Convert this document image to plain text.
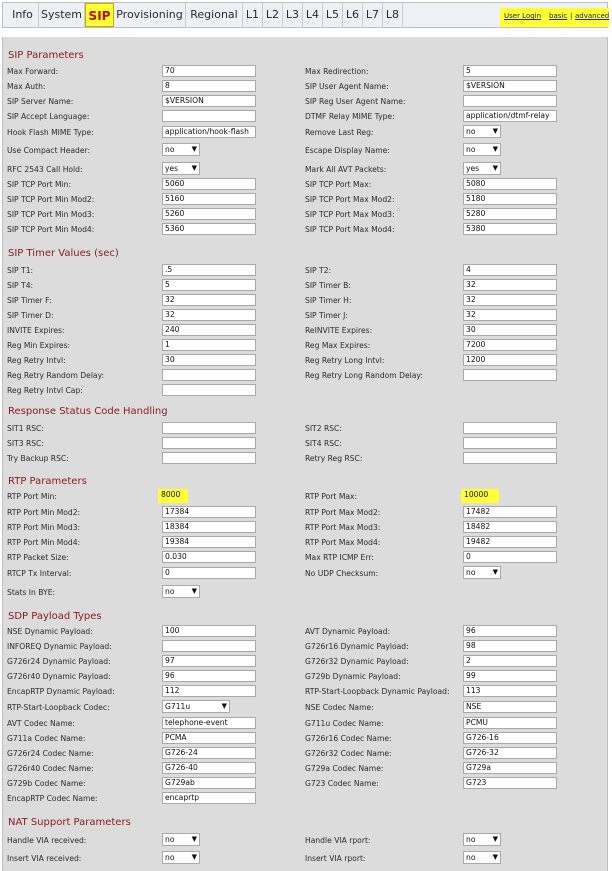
Info System SIP Provisioning Regional L1 L2 L3 L4 L5 L6 L7 L8	User Login basic | advanced
SIP Parameters
Max Forward:	70	Max Redirection:	5
Max Auth:	8	SIP User Agent Name:	$VERSION
SIP Server Name:	$VERSION	SIP Reg User Agent Name:
SIP Accept Language:	DTMF Relay MIME Type:	application/dtmf-relay
Hook Flash MIME Type:	application/hook-flash	Remove Last Reg:	no ▼
Use Compact Header:	no ▼	Escape Display Name:	no ▼
RFC 2543 Call Hold:	yes ▼	Mark All AVT Packets:	yes ▼
SIP TCP Port Min:	5060	SIP TCP Port Max:	5080
SIP TCP Port Min Mod2:	5160	SIP TCP Port Max Mod2:	5180
SIP TCP Port Min Mod3:	5260	SIP TCP Port Max Mod3:	5280
SIP TCP Port Min Mod4:	5360	SIP TCP Port Max Mod4:	5380
SIP Timer Values (sec)
SIP T1:	.5	SIP T2:	4
SIP T4:	5	SIP Timer B:	32
SIP Timer F:	32	SIP Timer H:	32
SIP Timer D:	32	SIP Timer J:	32
INVITE Expires:	240	ReINVITE Expires:	30
Reg Min Expires:	1	Reg Max Expires:	7200
Reg Retry Intvl:	30	Reg Retry Long Intvl:	1200
Reg Retry Random Delay:	Reg Retry Long Random Delay:
Reg Retry Intvl Cap:
Response Status Code Handling
SIT1 RSC:	SIT2 RSC:
SIT3 RSC:	SIT4 RSC:
Try Backup RSC:	Retry Reg RSC:
RTP Parameters
RTP Port Min:	8000	RTP Port Max:	10000
RTP Port Min Mod2:	17384	RTP Port Max Mod2:	17482
RTP Port Min Mod3:	18384	RTP Port Max Mod3:	18482
RTP Port Min Mod4:	19384	RTP Port Max Mod4:	19482
RTP Packet Size:	0.030	Max RTP ICMP Err:	0
RTCP Tx Interval:	0	No UDP Checksum:	no ▼
Stats In BYE:	no ▼
SDP Payload Types
NSE Dynamic Payload:	100	AVT Dynamic Payload:	96
INFOREQ Dynamic Payload:	G726r16 Dynamic Payload:	98
G726r24 Dynamic Payload:	97	G726r32 Dynamic Payload:	2
G726r40 Dynamic Payload:	96	G729b Dynamic Payload:	99
EncapRTP Dynamic Payload:	112	RTP-Start-Loopback Dynamic Payload:	113
RTP-Start-Loopback Codec:	G711u	▼	NSE Codec Name:	NSE
AVT Codec Name:	telephone-event	G711u Codec Name:	PCMU
G711a Codec Name:	PCMA	G726r16 Codec Name:	G726-16
G726r24 Codec Name:	G726-24	G726r32 Codec Name:	G726-32
G726r40 Codec Name:	G726-40	G729a Codec Name:	G729a
G729b Codec Name:	G729ab	G723 Codec Name:	G723
EncapRTP Codec Name:	encaprtp
NAT Support Parameters
Handle VIA received:	no ▼	Handle VIA rport:	no ▼
Insert VIA received:	no ▼	Insert VIA rport:	no ▼
